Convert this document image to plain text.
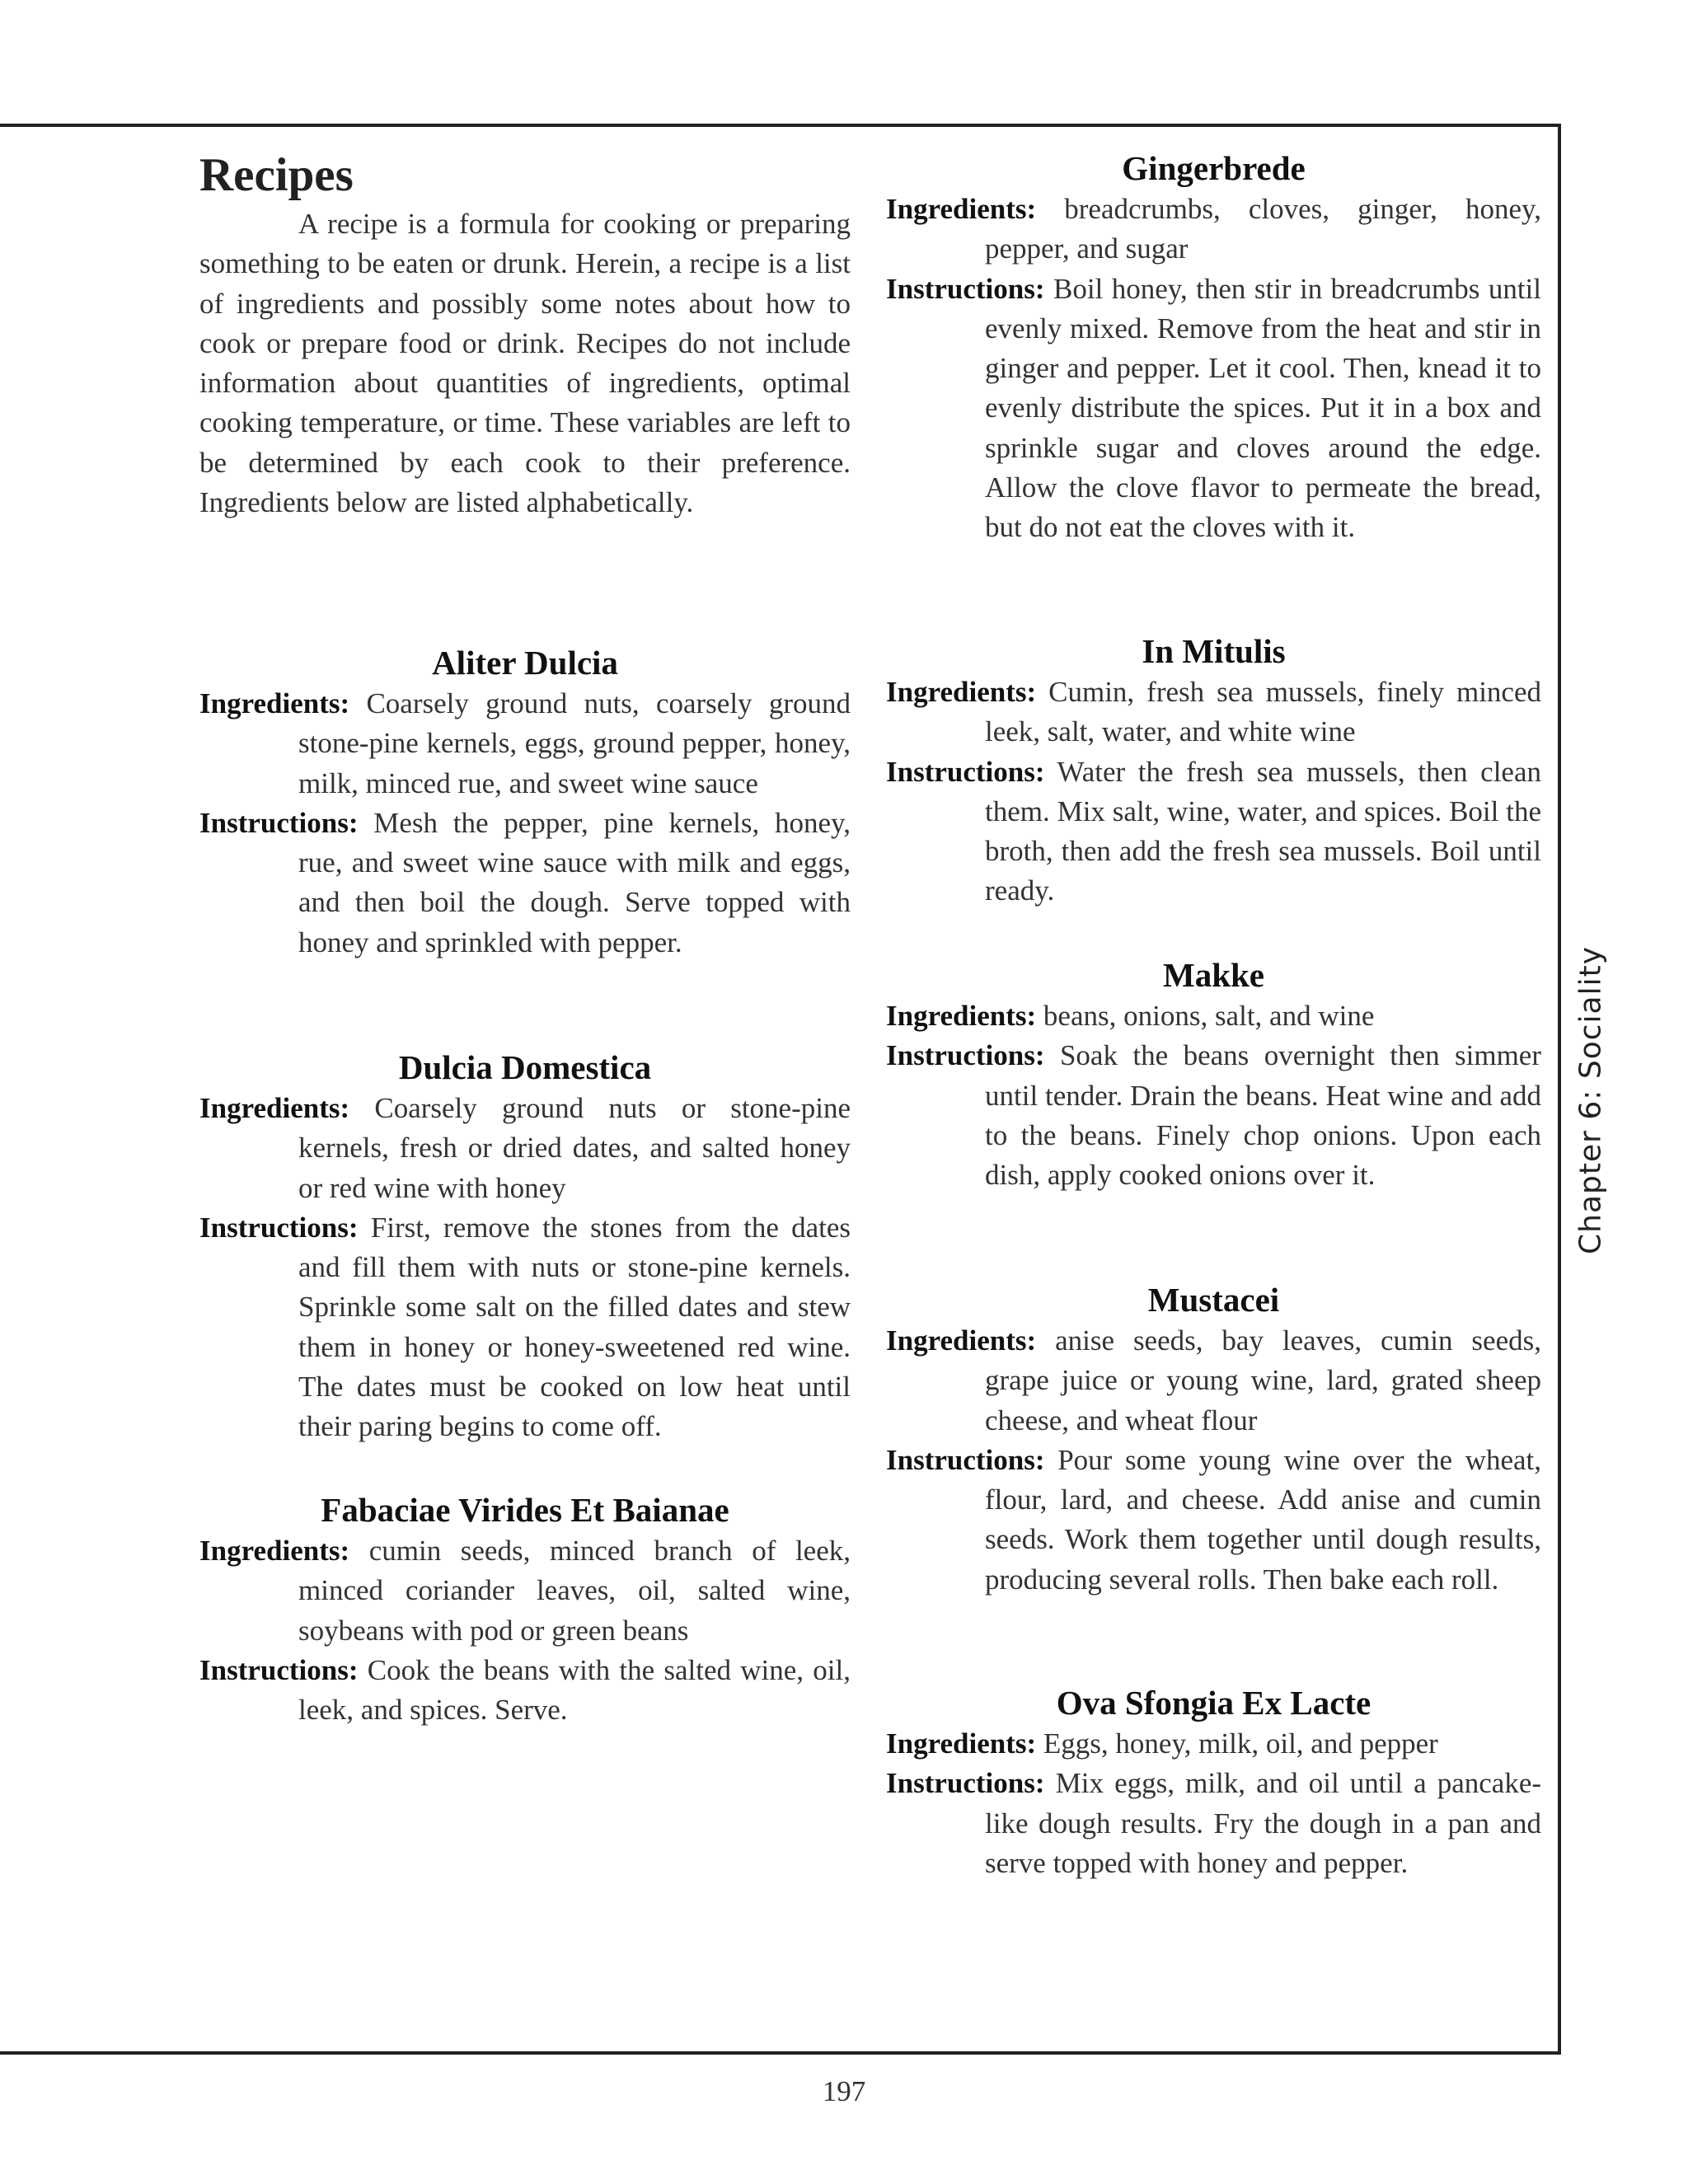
Recipes

A recipe is a formula for cooking or preparing something to be eaten or drunk. Herein, a recipe is a list of ingredients and possibly some notes about how to cook or prepare food or drink. Recipes do not include information about quantities of ingredients, optimal cooking temperature, or time. These variables are left to be determined by each cook to their preference. Ingredients below are listed alphabetically.

Aliter Dulcia

Ingredients: Coarsely ground nuts, coarsely ground stone-pine kernels, eggs, ground pepper, honey, milk, minced rue, and sweet wine sauce

Instructions: Mesh the pepper, pine kernels, honey, rue, and sweet wine sauce with milk and eggs, and then boil the dough. Serve topped with honey and sprinkled with pepper.

Dulcia Domestica

Ingredients: Coarsely ground nuts or stone-pine kernels, fresh or dried dates, and salted honey or red wine with honey

Instructions: First, remove the stones from the dates and fill them with nuts or stone-pine kernels. Sprinkle some salt on the filled dates and stew them in honey or honey-sweetened red wine. The dates must be cooked on low heat until their paring begins to come off.

Fabaciae Virides Et Baianae

Ingredients: cumin seeds, minced branch of leek, minced coriander leaves, oil, salted wine, soybeans with pod or green beans

Instructions: Cook the beans with the salted wine, oil, leek, and spices. Serve.

Gingerbrede

Ingredients: breadcrumbs, cloves, ginger, honey, pepper, and sugar

Instructions: Boil honey, then stir in breadcrumbs until evenly mixed. Remove from the heat and stir in ginger and pepper. Let it cool. Then, knead it to evenly distribute the spices. Put it in a box and sprinkle sugar and cloves around the edge. Allow the clove flavor to permeate the bread, but do not eat the cloves with it.

In Mitulis

Ingredients: Cumin, fresh sea mussels, finely minced leek, salt, water, and white wine

Instructions: Water the fresh sea mussels, then clean them. Mix salt, wine, water, and spices. Boil the broth, then add the fresh sea mussels. Boil until ready.

Makke

Ingredients: beans, onions, salt, and wine

Instructions: Soak the beans overnight then simmer until tender. Drain the beans. Heat wine and add to the beans. Finely chop onions. Upon each dish, apply cooked onions over it.

Mustacei

Ingredients: anise seeds, bay leaves, cumin seeds, grape juice or young wine, lard, grated sheep cheese, and wheat flour

Instructions: Pour some young wine over the wheat, flour, lard, and cheese. Add anise and cumin seeds. Work them together until dough results, producing several rolls. Then bake each roll.

Ova Sfongia Ex Lacte

Ingredients: Eggs, honey, milk, oil, and pepper

Instructions: Mix eggs, milk, and oil until a pancake-like dough results. Fry the dough in a pan and serve topped with honey and pepper.

Chapter 6: Sociality
197
